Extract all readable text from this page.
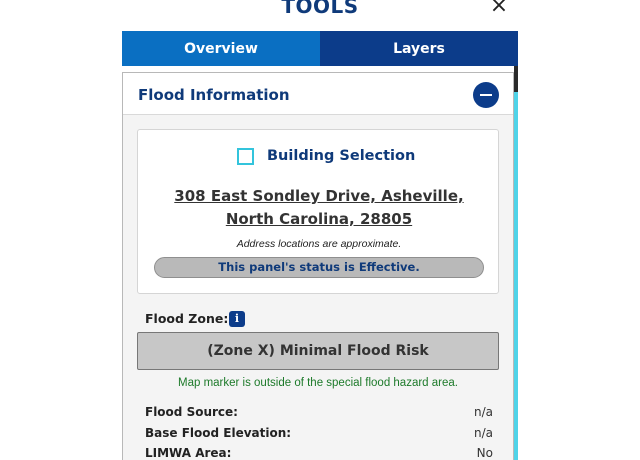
TOOLS	×
Overview	Layers
Flood Information
Building Selection
308 East Sondley Drive, Asheville, North Carolina, 28805
Address locations are approximate.
This panel's status is Effective.
Flood Zone: i
(Zone X) Minimal Flood Risk
Map marker is outside of the special flood hazard area.
Flood Source:	n/a
Base Flood Elevation:	n/a
LIMWA Area:	No
